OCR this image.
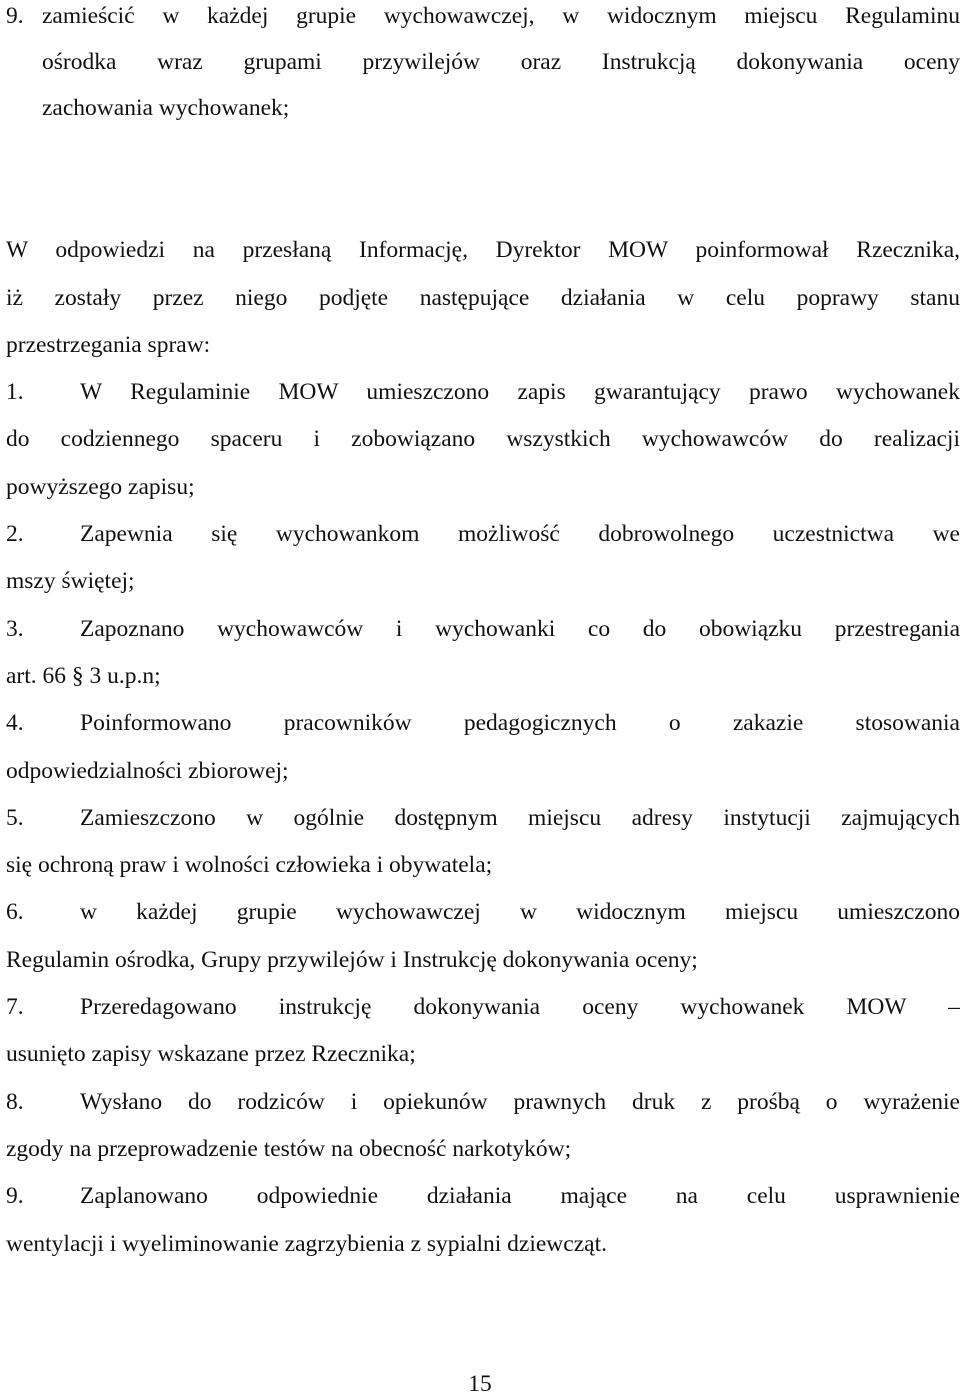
9. zamieścić w każdej grupie wychowawczej, w widocznym miejscu Regulaminu
ośrodka wraz grupami przywilejów oraz Instrukcją dokonywania oceny
zachowania wychowanek;
W odpowiedzi na przesłaną Informację, Dyrektor MOW poinformował Rzecznika,
iż zostały przez niego podjęte następujące działania w celu poprawy stanu
przestrzegania spraw:
1. W Regulaminie MOW umieszczono zapis gwarantujący prawo wychowanek
do codziennego spaceru i zobowiązano wszystkich wychowawców do realizacji
powyższego zapisu;
2. Zapewnia się wychowankom możliwość dobrowolnego uczestnictwa we
mszy świętej;
3. Zapoznano wychowawców i wychowanki co do obowiązku przestregania
art. 66 § 3 u.p.n;
4. Poinformowano pracowników pedagogicznych o zakazie stosowania
odpowiedzialności zbiorowej;
5. Zamieszczono w ogólnie dostępnym miejscu adresy instytucji zajmujących
się ochroną praw i wolności człowieka i obywatela;
6. w każdej grupie wychowawczej w widocznym miejscu umieszczono
Regulamin ośrodka, Grupy przywilejów i Instrukcję dokonywania oceny;
7. Przeredagowano instrukcję dokonywania oceny wychowanek MOW –
usunięto zapisy wskazane przez Rzecznika;
8. Wysłano do rodziców i opiekunów prawnych druk z prośbą o wyrażenie
zgody na przeprowadzenie testów na obecność narkotyków;
9. Zaplanowano odpowiednie działania mające na celu usprawnienie
wentylacji i wyeliminowanie zagrzybienia z sypialni dziewcząt.
15
